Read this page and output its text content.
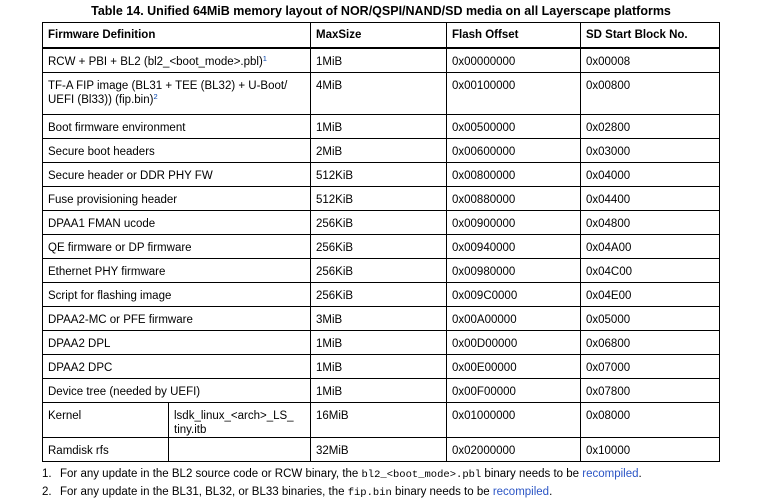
Table 14. Unified 64MiB memory layout of NOR/QSPI/NAND/SD media on all Layerscape platforms
Firmware Definition	MaxSize	Flash Offset	SD Start Block No.
RCW + PBI + BL2 (bl2_<boot_mode>.pbl)$^1$	1MiB	0x00000000	0x00008
TF-A FIP image (BL31 + TEE (BL32) + U-Boot/ UEFI (Bl33)) $(fip.bin)^2$	4MiB	0x00100000	0x00800
Boot firmware environment	1MiB	0x00500000	0x02800
Secure boot headers	2MiB	0x00600000	0x03000
Secure header or DDR PHY FW	512KiB	0x00800000	0x04000
Fuse provisioning header	512KiB	0x00880000	0x04400
DPAA1 FMAN ucode	256KiB	0x00900000	0x04800
QE firmware or DP firmware	256KiB	0x00940000	0x04A00
Ethernet PHY firmware	256KiB	0x00980000	0x04C00
Script for flashing image	256KiB	0x009C0000	0x04E00
DPAA2-MC or PFE firmware	3MiB	0x00A00000	0x05000
DPAA2 DPL	1MiB	0x00D00000	0x06800
DPAA2 DPC	1MiB	0x00E00000	0x07000
Device tree (needed by UEFI)	1MiB	0x00F00000	0x07800

Kernel lsdk_linux_<arch>_LS_ tiny.itb	16MiB	0x01000000	0x08000

Ramdisk rfs	32MiB	0x02000000	0x10000
1. For any update in the BL2 source code or RCW binary, the bl2_<boot_mode>.pbl binary needs to be recompiled.
2. For any update in the BL31, BL32, or BL33 binaries, the fip.bin binary needs to be recompiled.
